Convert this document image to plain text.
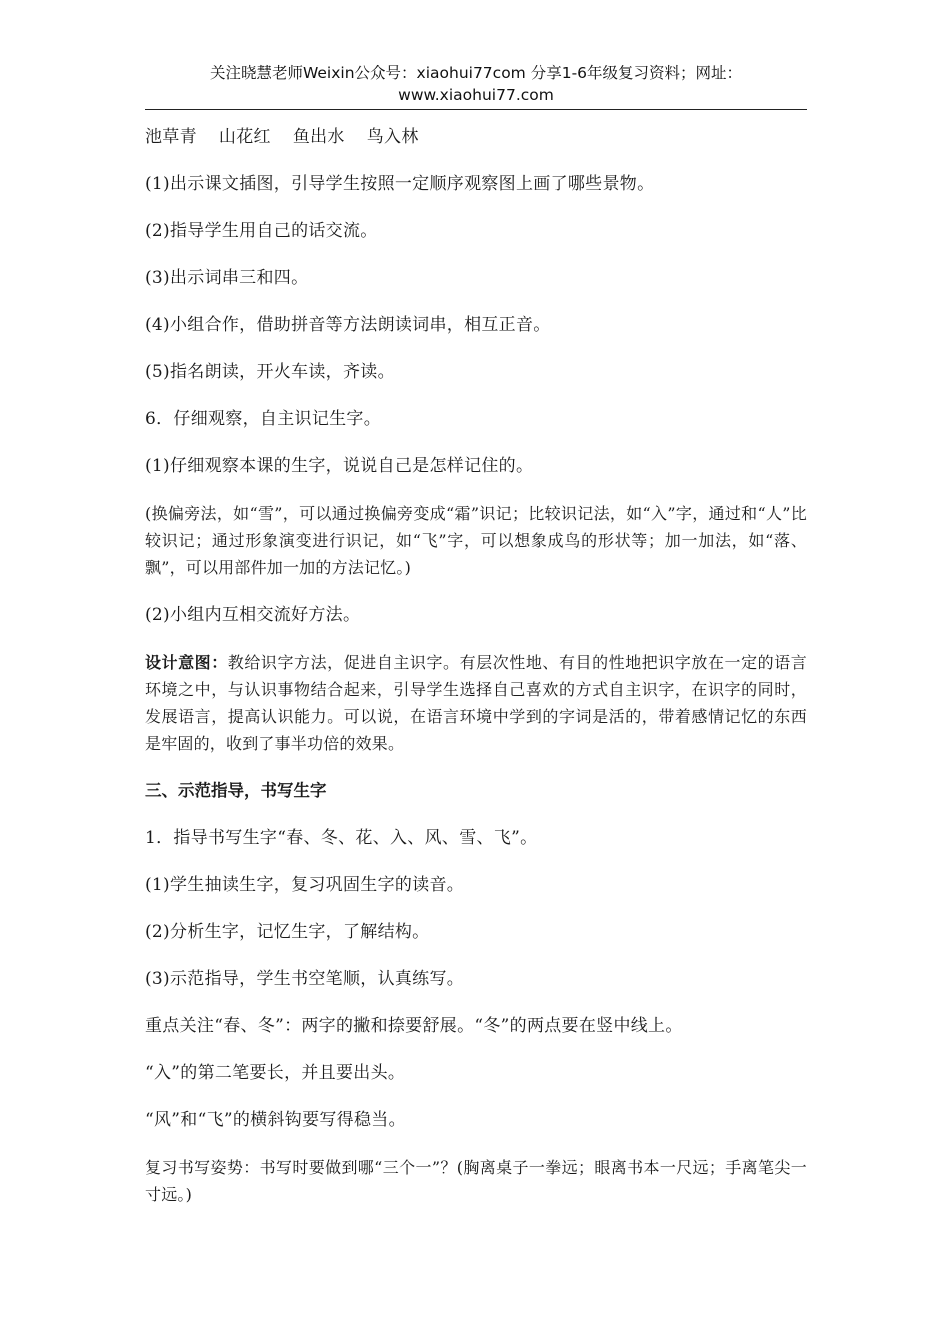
关注晓慧老师Weixin公众号：xiaohui77com 分享1-6年级复习资料；网址：
www.xiaohui77.com

池草青 山花红 鱼出水 鸟入林

(1)出示课文插图，引导学生按照一定顺序观察图上画了哪些景物。

(2)指导学生用自己的话交流。

(3)出示词串三和四。

(4)小组合作，借助拼音等方法朗读词串，相互正音。

(5)指名朗读，开火车读，齐读。

6．仔细观察，自主识记生字。

(1)仔细观察本课的生字，说说自己是怎样记住的。

(换偏旁法，如“雪”，可以通过换偏旁变成“霜”识记；比较识记法，如“入”字，通过和“人”比较识记；通过形象演变进行识记，如“飞”字，可以想象成鸟的形状等；加一加法，如“落、飘”，可以用部件加一加的方法记忆。)

(2)小组内互相交流好方法。

设计意图：教给识字方法，促进自主识字。有层次性地、有目的性地把识字放在一定的语言环境之中，与认识事物结合起来，引导学生选择自己喜欢的方式自主识字，在识字的同时，发展语言，提高认识能力。可以说，在语言环境中学到的字词是活的，带着感情记忆的东西是牢固的，收到了事半功倍的效果。

三、示范指导，书写生字

1．指导书写生字“春、冬、花、入、风、雪、飞”。

(1)学生抽读生字，复习巩固生字的读音。

(2)分析生字，记忆生字，了解结构。

(3)示范指导，学生书空笔顺，认真练写。

重点关注“春、冬”：两字的撇和捺要舒展。“冬”的两点要在竖中线上。

“入”的第二笔要长，并且要出头。

“风”和“飞”的横斜钩要写得稳当。

复习书写姿势：书写时要做到哪“三个一”？(胸离桌子一拳远；眼离书本一尺远；手离笔尖一寸远。)
